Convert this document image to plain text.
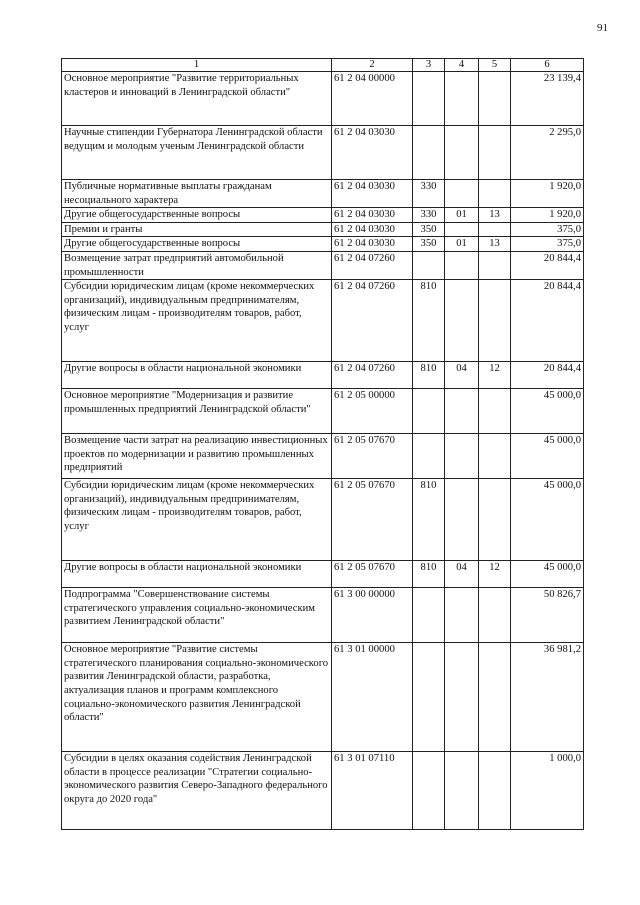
91
1	2	3	4	5	6
Основное мероприятие "Развитие территориальных кластеров и инноваций в Ленинградской области"	61 2 04 00000				23 139,4
Научные стипендии Губернатора Ленинградской области ведущим и молодым ученым Ленинградской области	61 2 04 03030				2 295,0
Публичные нормативные выплаты гражданам несоциального характера	61 2 04 03030	330			1 920,0
Другие общегосударственные вопросы	61 2 04 03030	330	01	13	1 920,0
Премии и гранты	61 2 04 03030	350			375,0
Другие общегосударственные вопросы	61 2 04 03030	350	01	13	375,0
Возмещение затрат предприятий автомобильной промышленности	61 2 04 07260				20 844,4
Субсидии юридическим лицам (кроме некоммерческих организаций), индивидуальным предпринимателям, физическим лицам - производителям товаров, работ, услуг	61 2 04 07260	810			20 844,4
Другие вопросы в области национальной экономики	61 2 04 07260	810	04	12	20 844,4
Основное мероприятие "Модернизация и развитие промышленных предприятий Ленинградской области"	61 2 05 00000				45 000,0
Возмещение части затрат на реализацию инвестиционных проектов по модернизации и развитию промышленных предприятий	61 2 05 07670				45 000,0
Субсидии юридическим лицам (кроме некоммерческих организаций), индивидуальным предпринимателям, физическим лицам - производителям товаров, работ, услуг	61 2 05 07670	810			45 000,0
Другие вопросы в области национальной экономики	61 2 05 07670	810	04	12	45 000,0
Подпрограмма "Совершенствование системы стратегического управления социально-экономическим развитием Ленинградской области"	61 3 00 00000				50 826,7
Основное мероприятие "Развитие системы стратегического планирования социально-экономического развития Ленинградской области, разработка, актуализация планов и программ комплексного социально-экономического развития Ленинградской области"	61 3 01 00000				36 981,2
Субсидии в целях оказания содействия Ленинградской области в процессе реализации "Стратегии социально-экономического развития Северо-Западного федерального округа до 2020 года"	61 3 01 07110				1 000,0
